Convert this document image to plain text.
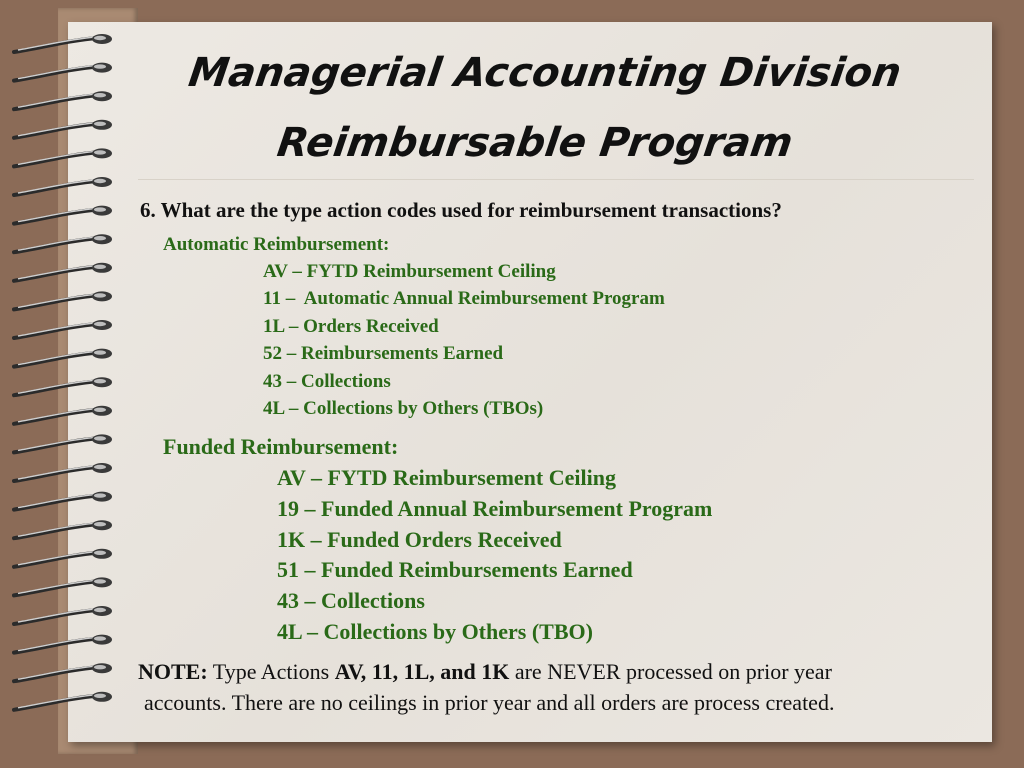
Managerial Accounting Division
Reimbursable Program
6. What are the type action codes used for reimbursement transactions?
Automatic Reimbursement:
AV – FYTD Reimbursement Ceiling
11 –  Automatic Annual Reimbursement Program
1L – Orders Received
52 – Reimbursements Earned
43 – Collections
4L – Collections by Others (TBOs)
Funded Reimbursement:
AV – FYTD Reimbursement Ceiling
19 – Funded Annual Reimbursement Program
1K – Funded Orders Received
51 – Funded Reimbursements Earned
43 – Collections
4L – Collections by Others (TBO)
NOTE: Type Actions AV, 11, 1L, and 1K are NEVER processed on prior year
accounts. There are no ceilings in prior year and all orders are process created.
